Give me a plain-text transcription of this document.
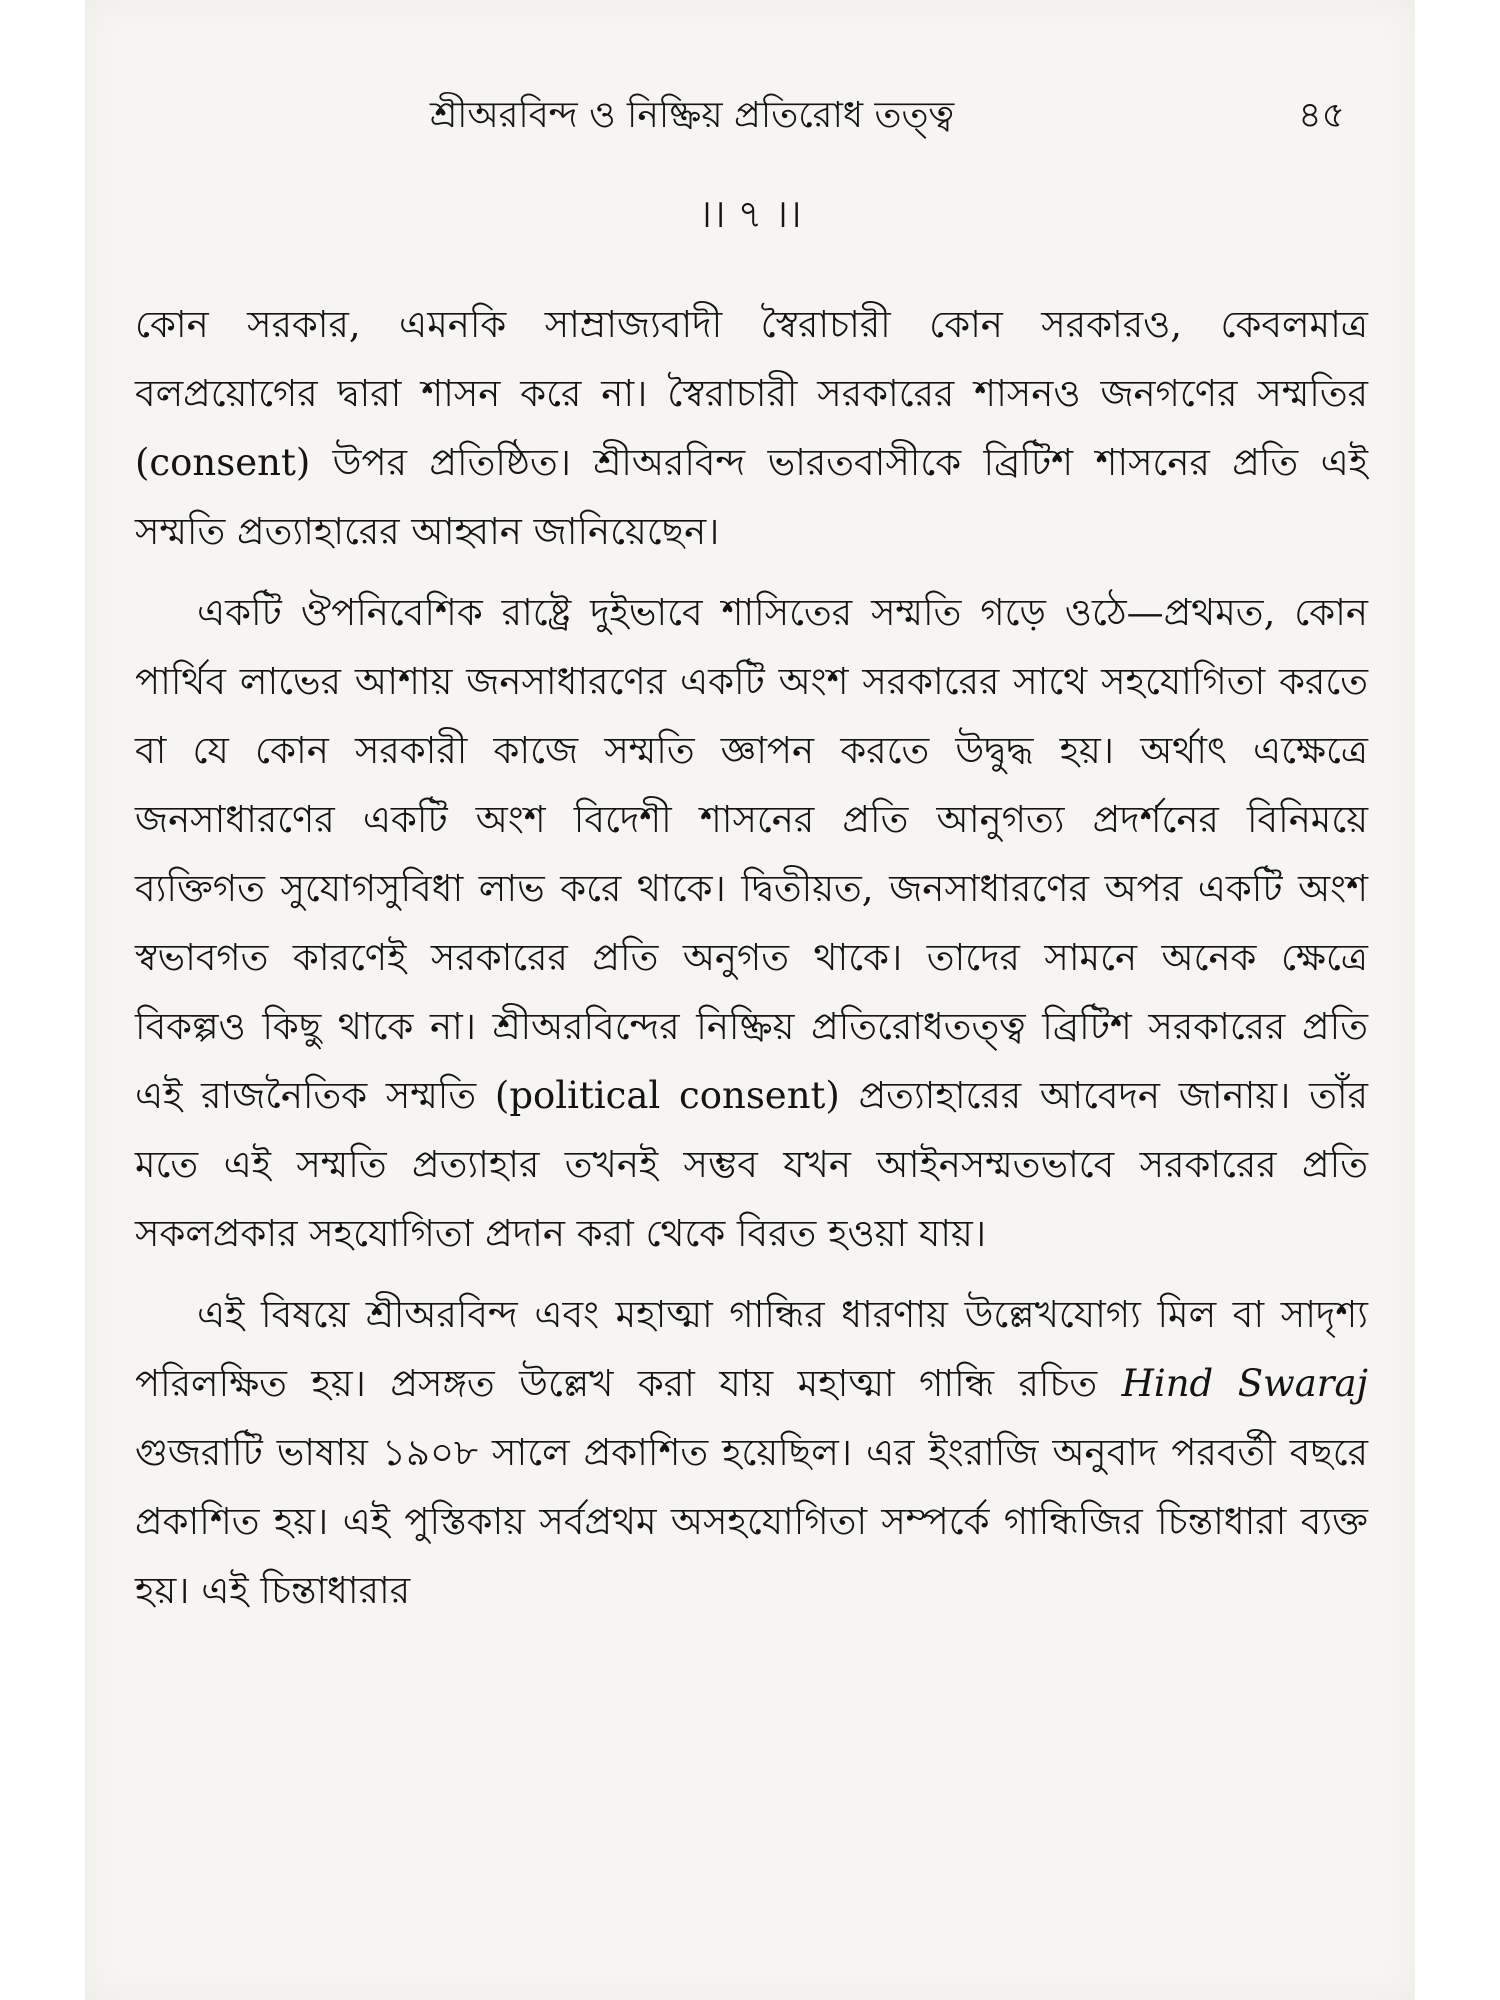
শ্রীঅরবিন্দ ও নিষ্ক্রিয় প্রতিরোধ তত্ত্ব	৪৫
।। ৭ ।।

কোন সরকার, এমনকি সাম্রাজ্যবাদী স্বৈরাচারী কোন সরকারও, কেবলমাত্র বলপ্রয়োগের দ্বারা শাসন করে না। স্বৈরাচারী সরকারের শাসনও জনগণের সম্মতির (consent) উপর প্রতিষ্ঠিত। শ্রীঅরবিন্দ ভারতবাসীকে ব্রিটিশ শাসনের প্রতি এই সম্মতি প্রত্যাহারের আহ্বান জানিয়েছেন।

একটি ঔপনিবেশিক রাষ্ট্রে দুইভাবে শাসিতের সম্মতি গড়ে ওঠে—প্রথমত, কোন পার্থিব লাভের আশায় জনসাধারণের একটি অংশ সরকারের সাথে সহযোগিতা করতে বা যে কোন সরকারী কাজে সম্মতি জ্ঞাপন করতে উদ্বুদ্ধ হয়। অর্থাৎ এক্ষেত্রে জনসাধারণের একটি অংশ বিদেশী শাসনের প্রতি আনুগত্য প্রদর্শনের বিনিময়ে ব্যক্তিগত সুযোগসুবিধা লাভ করে থাকে। দ্বিতীয়ত, জনসাধারণের অপর একটি অংশ স্বভাবগত কারণেই সরকারের প্রতি অনুগত থাকে। তাদের সামনে অনেক ক্ষেত্রে বিকল্পও কিছু থাকে না। শ্রীঅরবিন্দের নিষ্ক্রিয় প্রতিরোধতত্ত্ব ব্রিটিশ সরকারের প্রতি এই রাজনৈতিক সম্মতি (political consent) প্রত্যাহারের আবেদন জানায়। তাঁর মতে এই সম্মতি প্রত্যাহার তখনই সম্ভব যখন আইনসম্মতভাবে সরকারের প্রতি সকলপ্রকার সহযোগিতা প্রদান করা থেকে বিরত হওয়া যায়।

এই বিষয়ে শ্রীঅরবিন্দ এবং মহাত্মা গান্ধির ধারণায় উল্লেখযোগ্য মিল বা সাদৃশ্য পরিলক্ষিত হয়। প্রসঙ্গত উল্লেখ করা যায় মহাত্মা গান্ধি রচিত Hind Swaraj গুজরাটি ভাষায় ১৯০৮ সালে প্রকাশিত হয়েছিল। এর ইংরাজি অনুবাদ পরবর্তী বছরে প্রকাশিত হয়। এই পুস্তিকায় সর্বপ্রথম অসহযোগিতা সম্পর্কে গান্ধিজির চিন্তাধারা ব্যক্ত হয়। এই চিন্তাধারার
